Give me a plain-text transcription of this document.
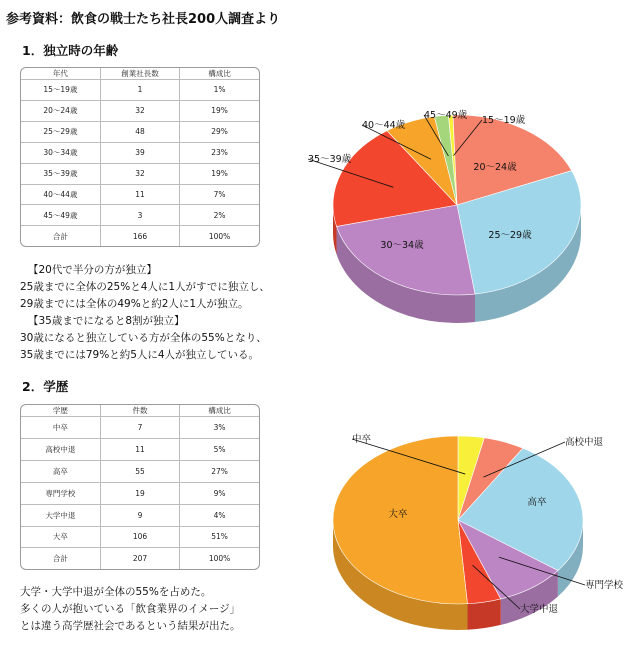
参考資料：飲食の戦士たち社長200人調査より
1．独立時の年齢
年代	創業社長数	構成比
15〜19歳	1	1%
20〜24歳	32	19%
25〜29歳	48	29%
30〜34歳	39	23%
35〜39歳	32	19%
40〜44歳	11	7%
45〜49歳	3	2%
合計	166	100%
【20代で半分の方が独立】
25歳までに全体の25%と4人に1人がすでに独立し、
29歳までには全体の49%と約2人に1人が独立。
【35歳までになると8割が独立】
30歳になると独立している方が全体の55%となり、
35歳までには79%と約5人に4人が独立している。
2．学歴
学歴	件数	構成比
中卒	7	3%
高校中退	11	5%
高卒	55	27%
専門学校	19	9%
大学中退	9	4%
大卒	106	51%
合計	207	100%
大学・大学中退が全体の55%を占めた。
多くの人が抱いている「飲食業界のイメージ」
とは違う高学歴社会であるという結果が出た。
15〜19歳
20〜24歳
25〜29歳
30〜34歳
35〜39歳
40〜44歳
45〜49歳
中卒	高校中退
高卒
専門学校
大学中退
大卒
